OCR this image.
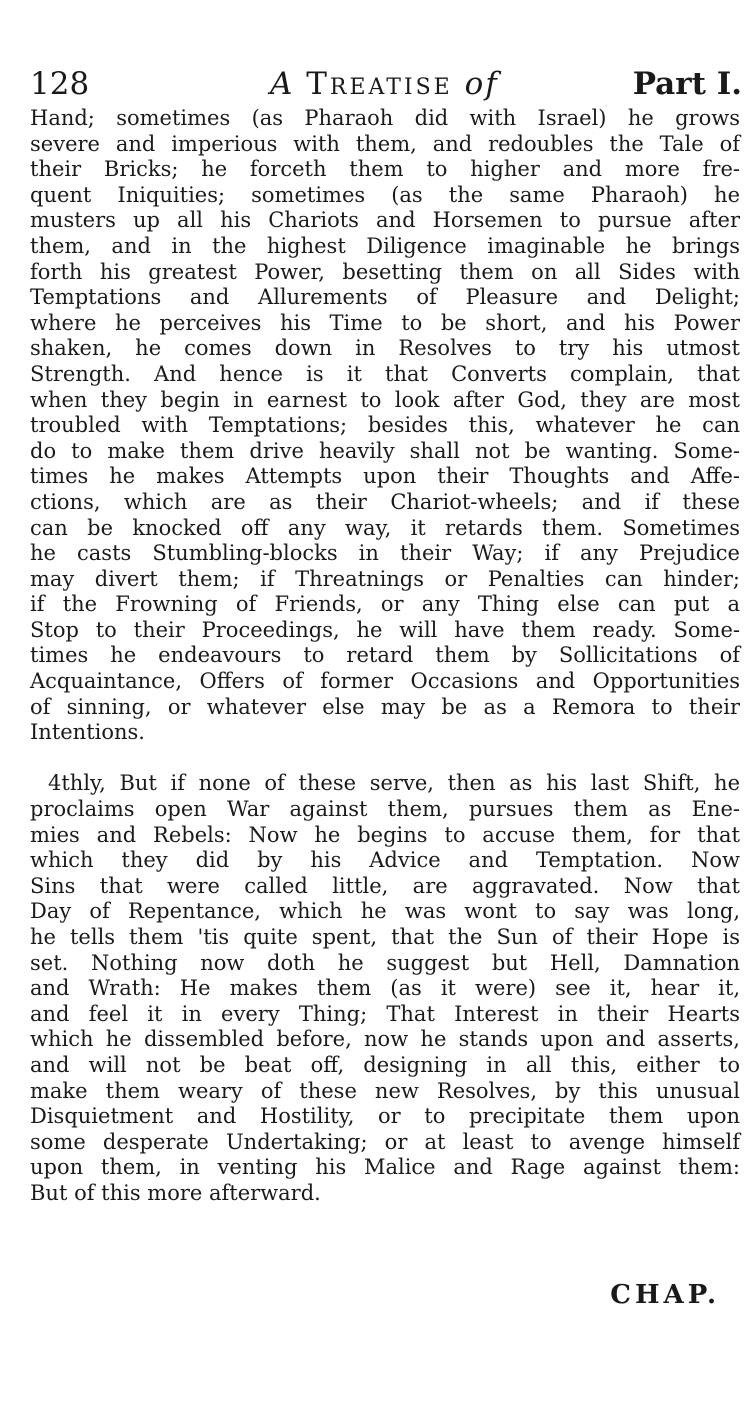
128	A Treatise of	Part I.
Hand; sometimes (as Pharaoh did with Israel) he grows
severe and imperious with them, and redoubles the Tale of
their Bricks; he forceth them to higher and more fre-
quent Iniquities; sometimes (as the same Pharaoh) he
musters up all his Chariots and Horsemen to pursue after
them, and in the highest Diligence imaginable he brings
forth his greatest Power, besetting them on all Sides with
Temptations and Allurements of Pleasure and Delight;
where he perceives his Time to be short, and his Power
shaken, he comes down in Resolves to try his utmost
Strength. And hence is it that Converts complain, that
when they begin in earnest to look after God, they are most
troubled with Temptations; besides this, whatever he can
do to make them drive heavily shall not be wanting. Some-
times he makes Attempts upon their Thoughts and Affe-
ctions, which are as their Chariot-wheels; and if these
can be knocked off any way, it retards them. Sometimes
he casts Stumbling-blocks in their Way; if any Prejudice
may divert them; if Threatnings or Penalties can hinder;
if the Frowning of Friends, or any Thing else can put a
Stop to their Proceedings, he will have them ready. Some-
times he endeavours to retard them by Sollicitations of
Acquaintance, Offers of former Occasions and Opportunities
of sinning, or whatever else may be as a Remora to their
Intentions.
4thly, But if none of these serve, then as his last Shift, he
proclaims open War against them, pursues them as Ene-
mies and Rebels: Now he begins to accuse them, for that
which they did by his Advice and Temptation. Now
Sins that were called little, are aggravated. Now that
Day of Repentance, which he was wont to say was long,
he tells them 'tis quite spent, that the Sun of their Hope is
set. Nothing now doth he suggest but Hell, Damnation
and Wrath: He makes them (as it were) see it, hear it,
and feel it in every Thing; That Interest in their Hearts
which he dissembled before, now he stands upon and asserts,
and will not be beat off, designing in all this, either to
make them weary of these new Resolves, by this unusual
Disquietment and Hostility, or to precipitate them upon
some desperate Undertaking; or at least to avenge himself
upon them, in venting his Malice and Rage against them:
But of this more afterward.
CHAP.
